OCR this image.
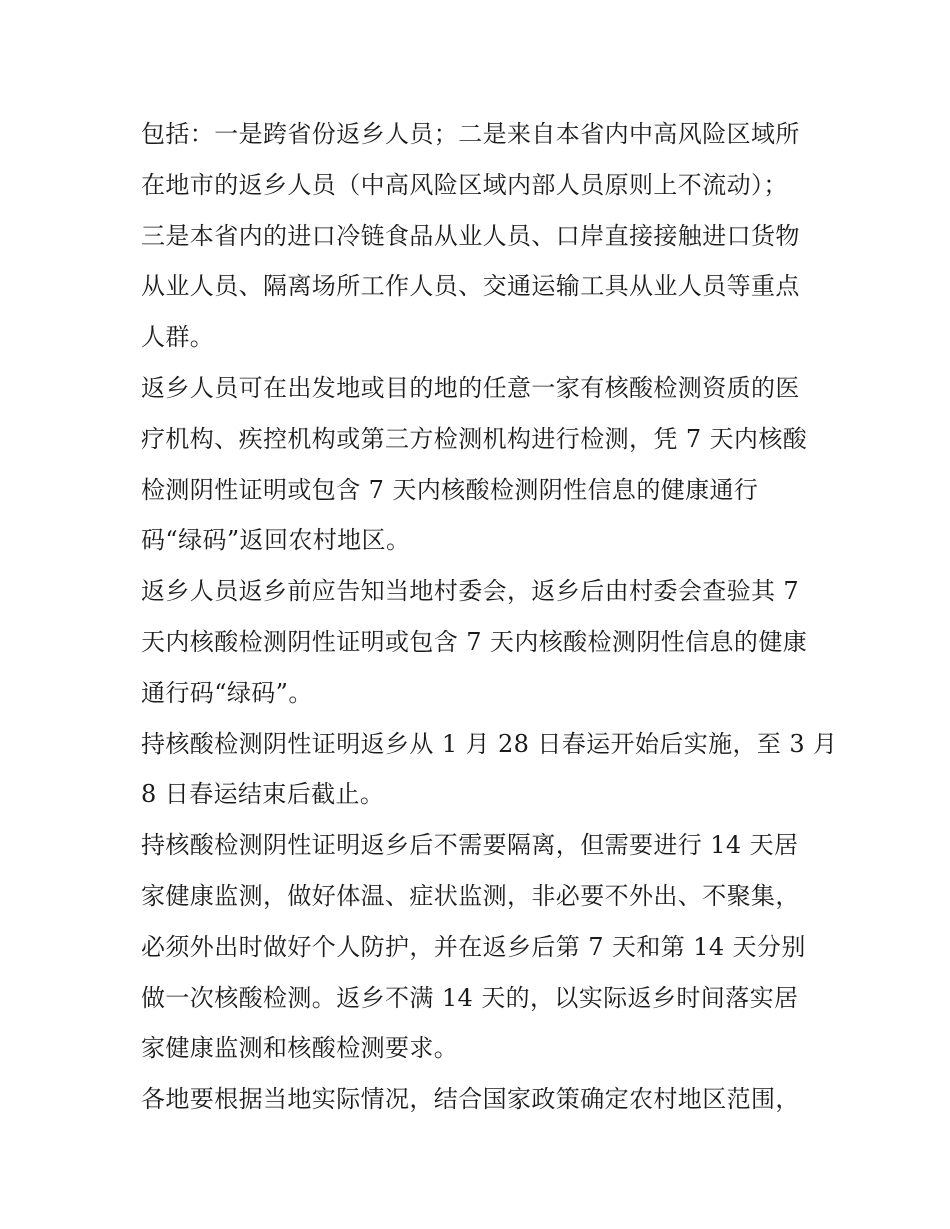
包括：一是跨省份返乡人员；二是来自本省内中高风险区域所
在地市的返乡人员（中高风险区域内部人员原则上不流动）；
三是本省内的进口冷链食品从业人员、口岸直接接触进口货物
从业人员、隔离场所工作人员、交通运输工具从业人员等重点
人群。
返乡人员可在出发地或目的地的任意一家有核酸检测资质的医
疗机构、疾控机构或第三方检测机构进行检测，凭 7 天内核酸
检测阴性证明或包含 7 天内核酸检测阴性信息的健康通行
码“绿码”返回农村地区。
返乡人员返乡前应告知当地村委会，返乡后由村委会查验其 7
天内核酸检测阴性证明或包含 7 天内核酸检测阴性信息的健康
通行码“绿码”。
持核酸检测阴性证明返乡从 1 月 28 日春运开始后实施，至 3 月
8 日春运结束后截止。
持核酸检测阴性证明返乡后不需要隔离，但需要进行 14 天居
家健康监测，做好体温、症状监测，非必要不外出、不聚集，
必须外出时做好个人防护，并在返乡后第 7 天和第 14 天分别
做一次核酸检测。返乡不满 14 天的，以实际返乡时间落实居
家健康监测和核酸检测要求。
各地要根据当地实际情况，结合国家政策确定农村地区范围，
